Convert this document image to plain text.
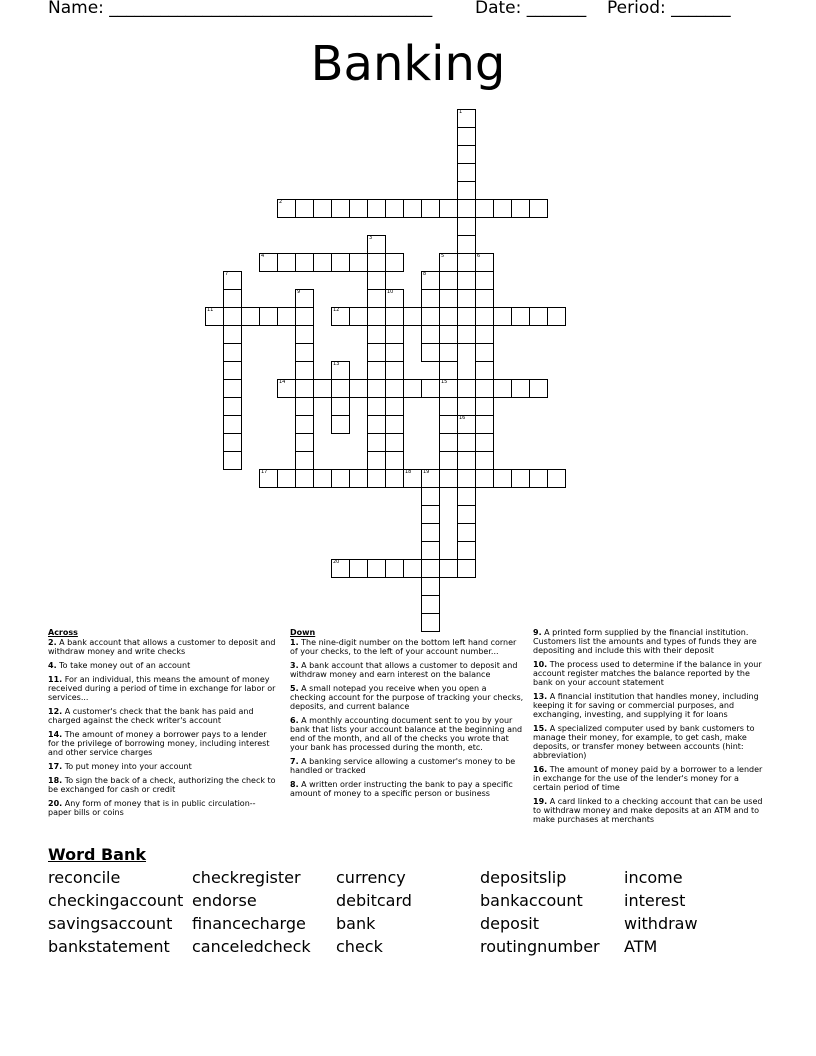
Name: ______________________________________	Date: _______ Period: _______
Banking
1
2
3
4	5
15
6
7	8
9	10
11	12
13
14
16
17	18 19
20
Across
2. A bank account that allows a customer to deposit and withdraw money and write checks
4. To take money out of an account
11. For an individual, this means the amount of money received during a period of time in exchange for labor or services...
12. A customer's check that the bank has paid and charged against the check writer's account
14. The amount of money a borrower pays to a lender for the privilege of borrowing money, including interest and other service charges
17. To put money into your account
18. To sign the back of a check, authorizing the check to be exchanged for cash or credit
20. Any form of money that is in public circulation--paper bills or coins
Down
1. The nine-digit number on the bottom left hand corner of your checks, to the left of your account number...
3. A bank account that allows a customer to deposit and withdraw money and earn interest on the balance
5. A small notepad you receive when you open a checking account for the purpose of tracking your checks, deposits, and current balance
6. A monthly accounting document sent to you by your bank that lists your account balance at the beginning and end of the month, and all of the checks you wrote that your bank has processed during the month, etc.
7. A banking service allowing a customer's money to be handled or tracked
8. A written order instructing the bank to pay a specific amount of money to a specific person or business
9. A printed form supplied by the financial institution. Customers list the amounts and types of funds they are depositing and include this with their deposit
10. The process used to determine if the balance in your account register matches the balance reported by the bank on your account statement
13. A financial institution that handles money, including keeping it for saving or commercial purposes, and exchanging, investing, and supplying it for loans
15. A specialized computer used by bank customers to manage their money, for example, to get cash, make deposits, or transfer money between accounts (hint: abbreviation)
16. The amount of money paid by a borrower to a lender in exchange for the use of the lender's money for a certain period of time
19. A card linked to a checking account that can be used to withdraw money and make deposits at an ATM and to make purchases at merchants
Word Bank
reconcile
checkingaccount
savingsaccount
bankstatement
checkregister
endorse
financecharge
canceledcheck
currency
debitcard
bank
check
depositslip
bankaccount
deposit
routingnumber
income
interest
withdraw
ATM
